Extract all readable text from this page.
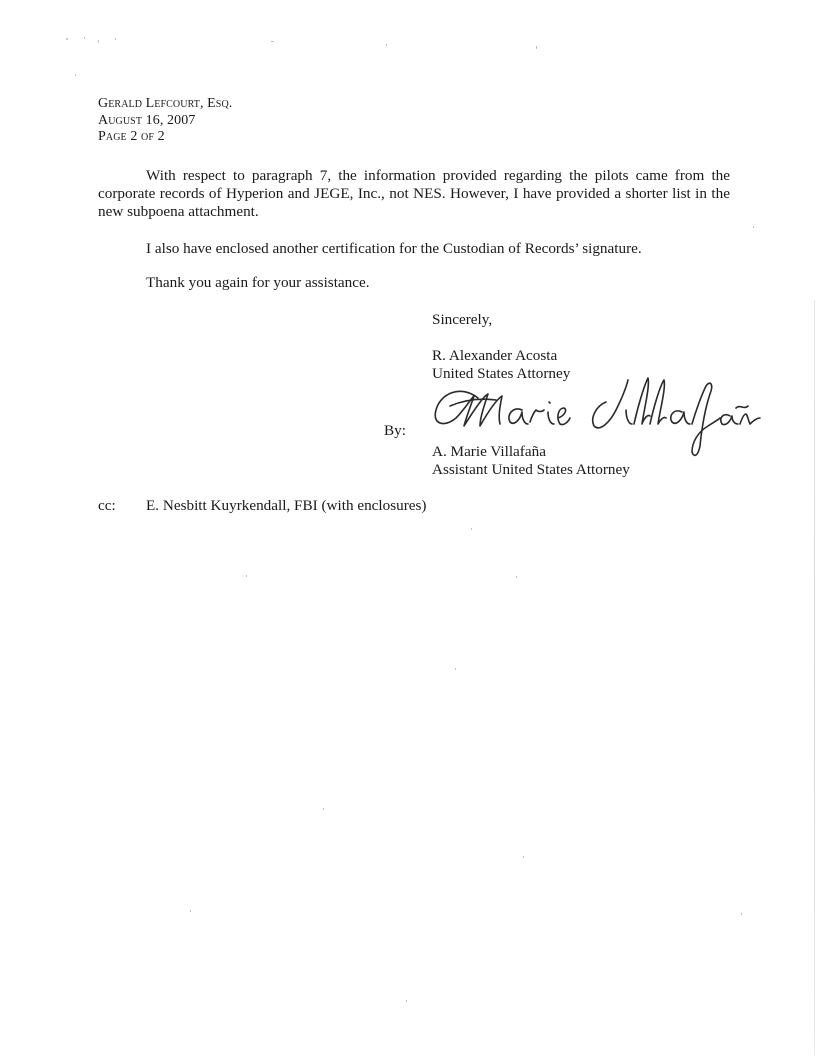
Gerald Lefcourt, Esq.
August 16, 2007
Page 2 of 2

With respect to paragraph 7, the information provided regarding the pilots came from the corporate records of Hyperion and JEGE, Inc., not NES. However, I have provided a shorter list in the new subpoena attachment.

I also have enclosed another certification for the Custodian of Records’ signature.

Thank you again for your assistance.

Sincerely,
R. Alexander Acosta
United States Attorney
By:
A. Marie Villafaña
Assistant United States Attorney
cc: E. Nesbitt Kuyrkendall, FBI (with enclosures)
